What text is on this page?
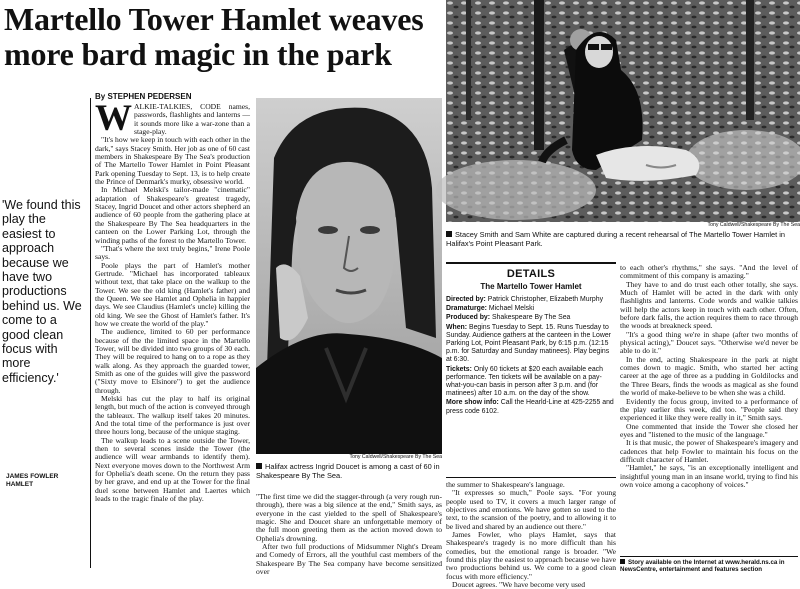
Martello Tower Hamlet weaves more bard magic in the park
By STEPHEN PEDERSEN
'We found this play the easiest to approach because we have two productions behind us. We come to a good clean focus with more efficiency.'
JAMES FOWLER
HAMLET

WALKIE-TALKIES, CODE names, passwords, flashlights and lanterns — it sounds more like a war-zone than a stage-play.

"It's how we keep in touch with each other in the dark," says Stacey Smith. Her job as one of 60 cast members in Shakespeare By The Sea's production of The Martello Tower Hamlet in Point Pleasant Park opening Tuesday to Sept. 13, is to help create the Prince of Denmark's murky, obsessive world.

In Michael Melski's tailor-made "cinematic" adaptation of Shakespeare's greatest tragedy, Stacey, Ingrid Doucet and other actors shepherd an audience of 60 people from the gathering place at the Shakespeare By The Sea headquarters in the canteen on the Lower Parking Lot, through the winding paths of the forest to the Martello Tower.

"That's where the text truly begins," Irene Poole says.

Poole plays the part of Hamlet's mother Gertrude. "Michael has incorporated tableaux without text, that take place on the walkup to the Tower. We see the old king (Hamlet's father) and the Queen. We see Hamlet and Ophelia in happier days. We see Claudius (Hamlet's uncle) killing the old king. We see the Ghost of Hamlet's father. It's how we create the world of the play."

The audience, limited to 60 per performance because of the the limited space in the Martello Tower, will be divided into two groups of 30 each. They will be required to hang on to a rope as they walk along. As they approach the guarded tower, Smith as one of the guides will give the password ("Sixty move to Elsinore") to get the audience through.

Melski has cut the play to half its original length, but much of the action is conveyed through the tableaux. The walkup itself takes 20 minutes. And the total time of the performance is just over three hours long, because of the unique staging.

The walkup leads to a scene outside the Tower, then to several scenes inside the Tower (the audience will wear armbands to identify them). Next everyone moves down to the Northwest Arm for Ophelia's death scene. On the return they pass by her grave, and end up at the Tower for the final duel scene between Hamlet and Laertes which leads to the tragic finale of the play.

Tony Caldwell/Shakespeare By The Sea
Halifax actress Ingrid Doucet is among a cast of 60 in Shakespeare By The Sea.

"The first time we did the stagger-through (a very rough run-through), there was a big silence at the end," Smith says, as everyone in the cast yielded to the spell of Shakespeare's magic. She and Doucet share an unforgettable memory of the full moon greeting them as the action moved down to Ophelia's drowning.

After two full productions of Midsummer Night's Dream and Comedy of Errors, all the youthful cast members of the Shakespeare By The Sea company have become sensitized over

Tony Caldwell/Shakespeare By The Sea
Stacey Smith and Sam White are captured during a recent rehearsal of The Martello Tower Hamlet in Halifax's Point Pleasant Park.
DETAILS
The Martello Tower Hamlet

Directed by: Patrick Christopher, Elizabeth Murphy

Dramaturge: Michael Melski

Produced by: Shakespeare By The Sea

When: Begins Tuesday to Sept. 15. Runs Tuesday to Sunday. Audience gathers at the canteen in the Lower Parking Lot, Point Pleasant Park, by 6:15 p.m. (12:15 p.m. for Saturday and Sunday matinees). Play begins at 6:30.

Tickets: Only 60 tickets at $20 each available each performance. Ten tickets will be available on a pay-what-you-can basis in person after 3 p.m. and (for matinees) after 10 a.m. on the day of the show.

More show info: Call the Hearld-Line at 425-2255 and press code 6102.

the summer to Shakespeare's language.

"It expresses so much," Poole says. "For young people used to TV, it covers a much larger range of objectives and emotions. We have gotten so used to the text, to the scansion of the poetry, and to allowing it to be lived and shared by an audience out there."

James Fowler, who plays Hamlet, says that Shakespeare's tragedy is no more difficult than his comedies, but the emotional range is broader. "We found this play the easiest to approach because we have two productions behind us. We come to a good clean focus with more efficiency."

Doucet agrees. "We have become very used

to each other's rhythms," she says. "And the level of commitment of this company is amazing."

They have to and do trust each other totally, she says. Much of Hamlet will be acted in the dark with only flashlights and lanterns. Code words and walkie talkies will help the actors keep in touch with each other. Often, before dark falls, the action requires them to race through the woods at breakneck speed.

"It's a good thing we're in shape (after two months of physical acting)," Doucet says. "Otherwise we'd never be able to do it."

In the end, acting Shakespeare in the park at night comes down to magic. Smith, who started her acting career at the age of three as a pudding in Goldilocks and the Three Bears, finds the woods as magical as she found the world of make-believe to be when she was a child.

Evidently the focus group, invited to a performance of the play earlier this week, did too. "People said they experienced it like they were really in it," Smith says.

One commented that inside the Tower she closed her eyes and "listened to the music of the language."

It is that music, the power of Shakespeare's imagery and cadences that help Fowler to maintain his focus on the difficult character of Hamlet.

"Hamlet," he says, "is an exceptionally intelligent and insightful young man in an insane world, trying to find his own voice among a cacophony of voices."

Story available on the Internet at www.herald.ns.ca in NewsCentre, entertainment and features section
